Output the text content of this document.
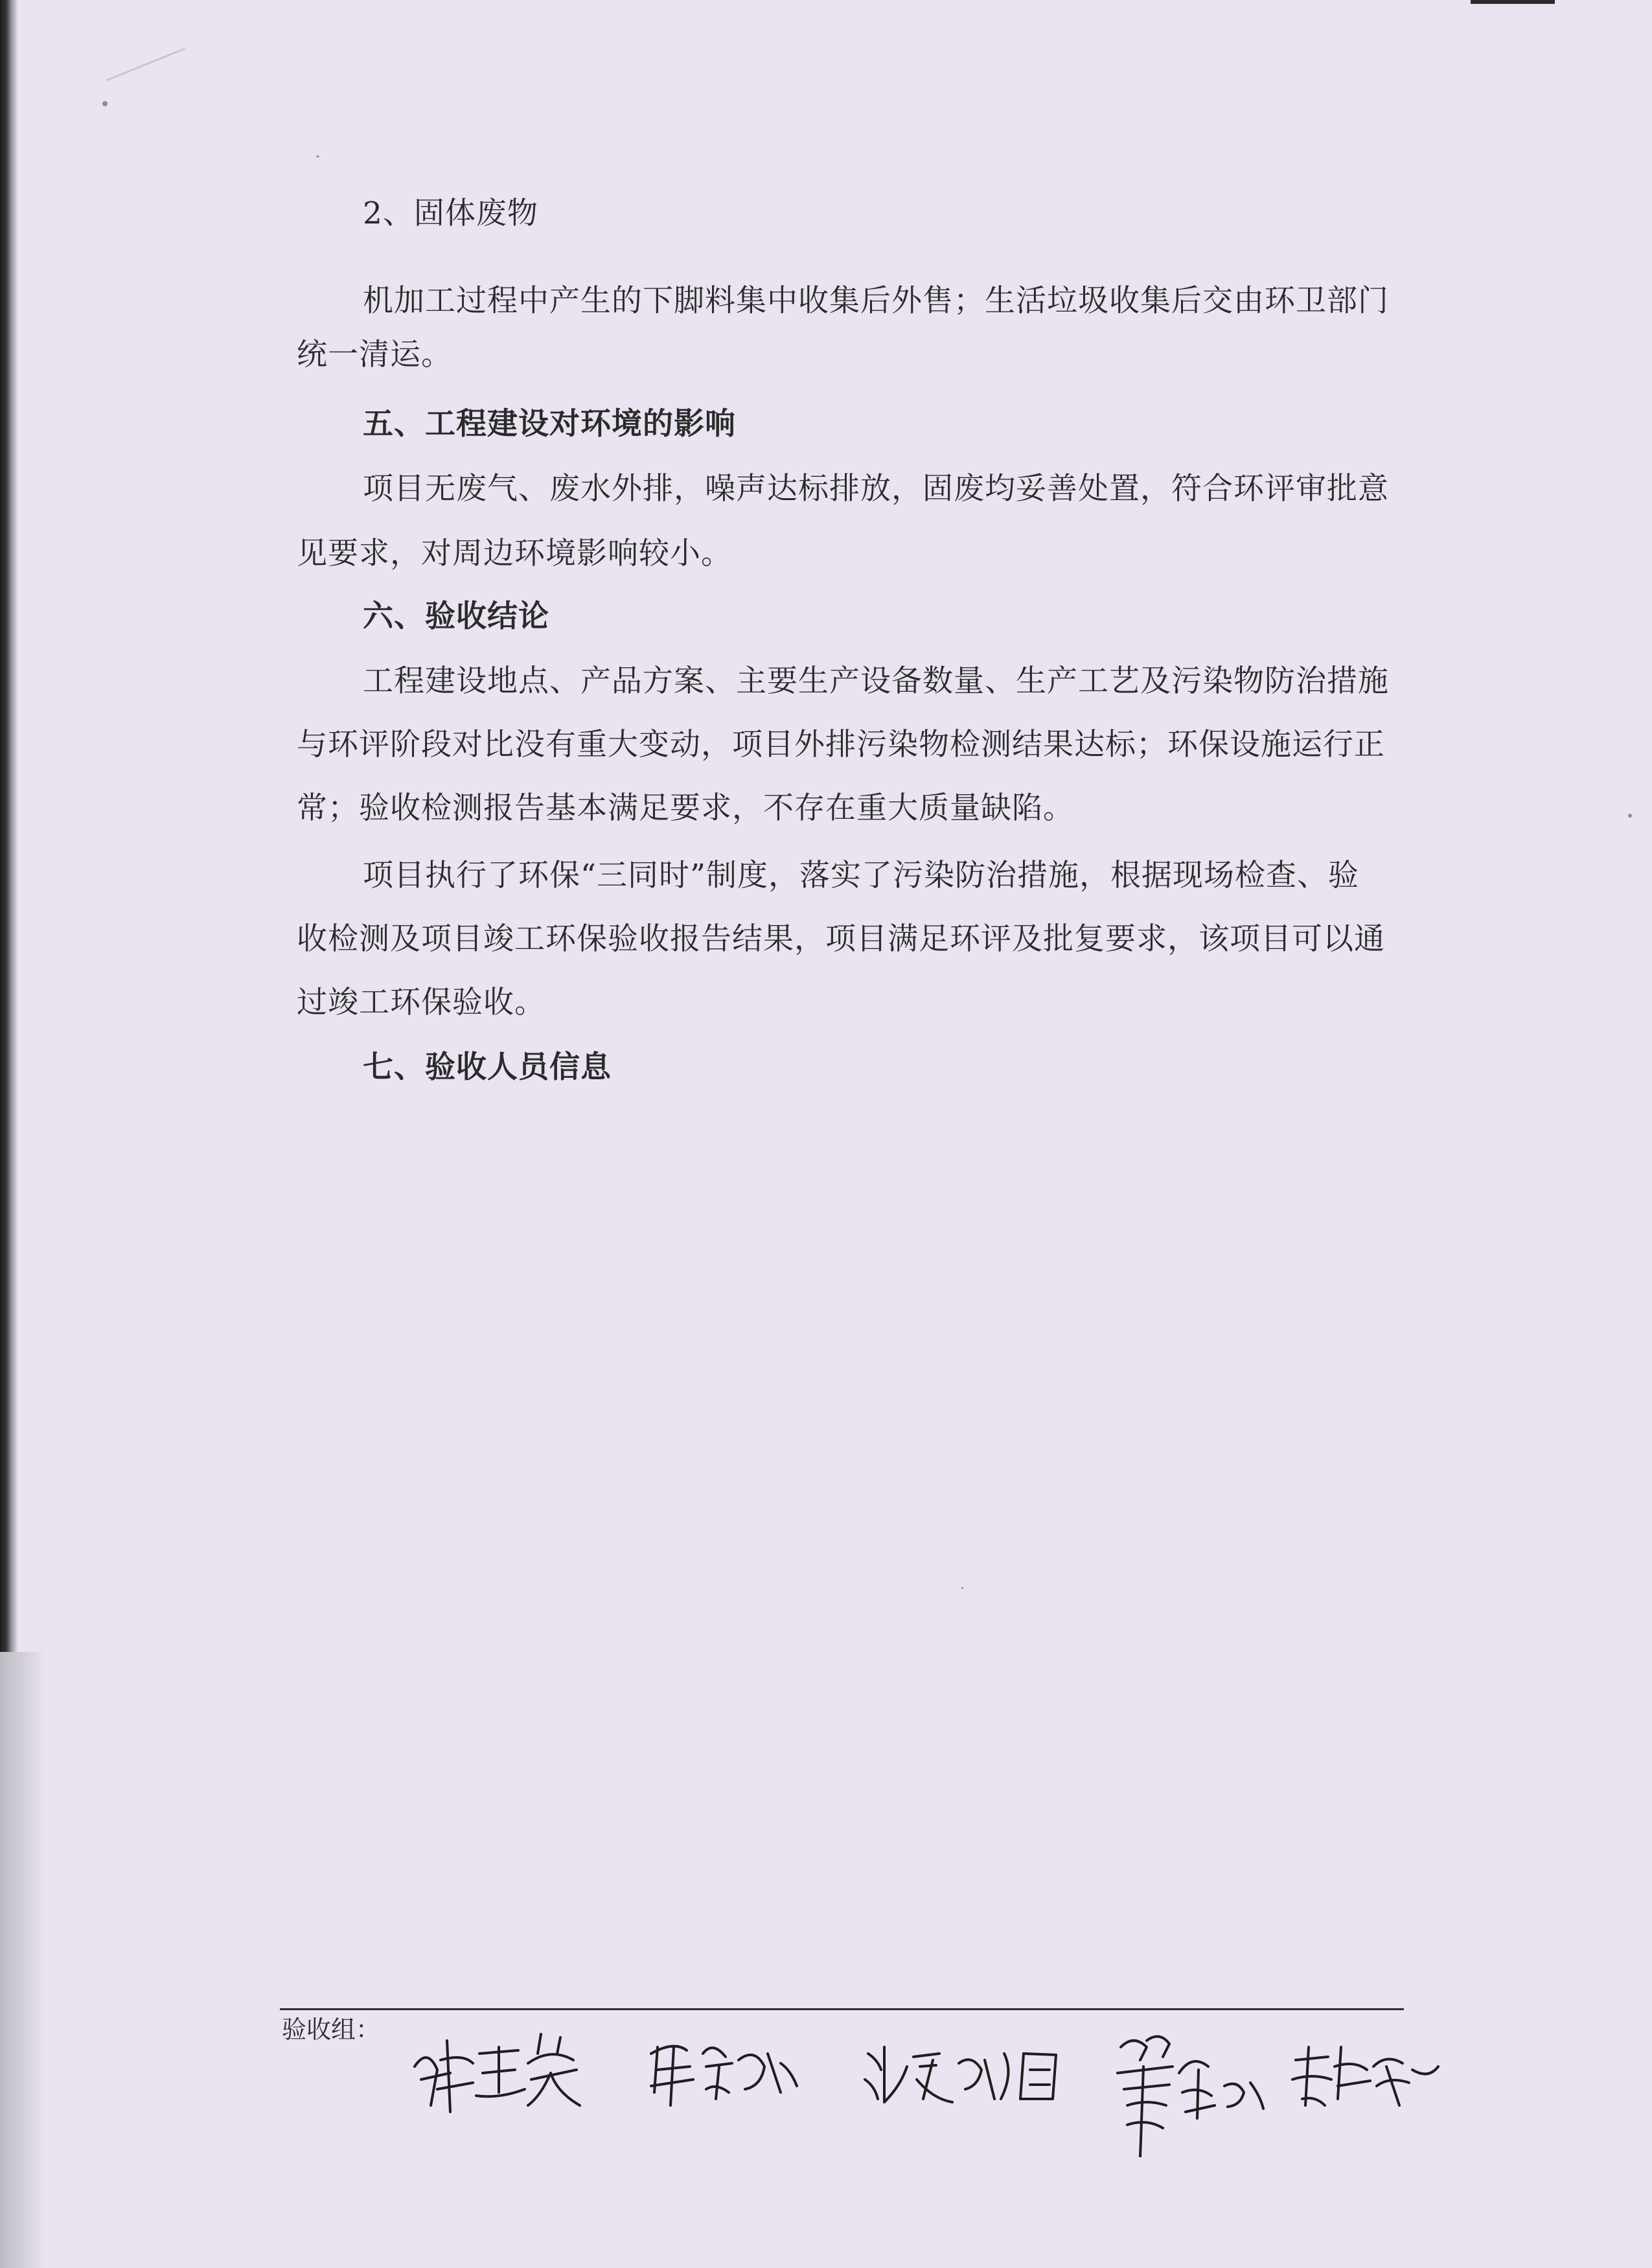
2、固体废物
机加工过程中产生的下脚料集中收集后外售；生活垃圾收集后交由环卫部门
统一清运。
五、工程建设对环境的影响
项目无废气、废水外排，噪声达标排放，固废均妥善处置，符合环评审批意
见要求，对周边环境影响较小。
六、验收结论
工程建设地点、产品方案、主要生产设备数量、生产工艺及污染物防治措施
与环评阶段对比没有重大变动，项目外排污染物检测结果达标；环保设施运行正
常；验收检测报告基本满足要求，不存在重大质量缺陷。
项目执行了环保“三同时”制度，落实了污染防治措施，根据现场检查、验
收检测及项目竣工环保验收报告结果，项目满足环评及批复要求，该项目可以通
过竣工环保验收。
七、验收人员信息
验收组：
